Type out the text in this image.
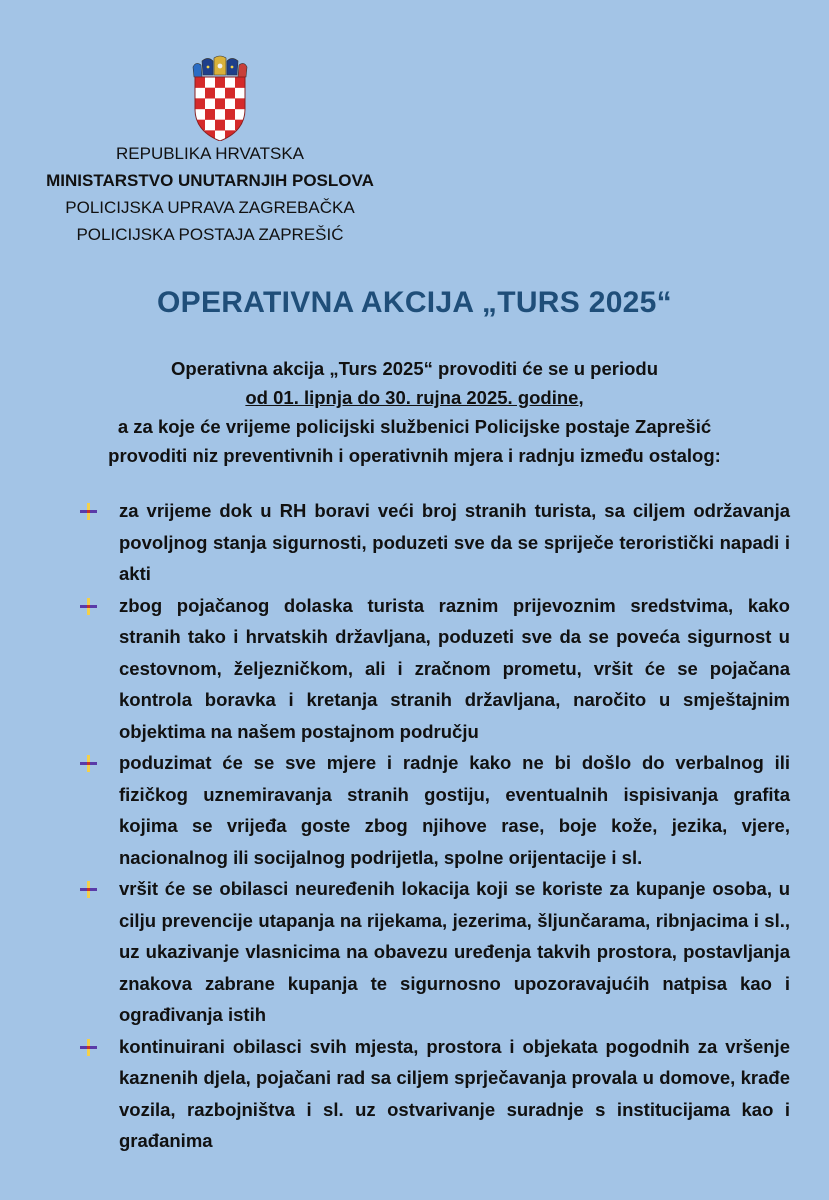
REPUBLIKA HRVATSKA
MINISTARSTVO UNUTARNJIH POSLOVA
POLICIJSKA UPRAVA ZAGREBAČKA
POLICIJSKA POSTAJA ZAPREŠIĆ
OPERATIVNA AKCIJA „TURS 2025“
Operativna akcija „Turs 2025“ provoditi će se u periodu
od 01. lipnja do 30. rujna 2025. godine,
a za koje će vrijeme policijski službenici Policijske postaje Zaprešić
provoditi niz preventivnih i operativnih mjera i radnju između ostalog:
za vrijeme dok u RH boravi veći broj stranih turista, sa ciljem održavanja povoljnog stanja sigurnosti, poduzeti sve da se spriječe teroristički napadi i akti
zbog pojačanog dolaska turista raznim prijevoznim sredstvima, kako stranih tako i hrvatskih državljana, poduzeti sve da se poveća sigurnost u cestovnom, željezničkom, ali i zračnom prometu, vršit će se pojačana kontrola boravka i kretanja stranih državljana, naročito u smještajnim objektima na našem postajnom području
poduzimat će se sve mjere i radnje kako ne bi došlo do verbalnog ili fizičkog uznemiravanja stranih gostiju, eventualnih ispisivanja grafita kojima se vrijeđa goste zbog njihove rase, boje kože, jezika, vjere, nacionalnog ili socijalnog podrijetla, spolne orijentacije i sl.
vršit će se obilasci neuređenih lokacija koji se koriste za kupanje osoba, u cilju prevencije utapanja na rijekama, jezerima, šljunčarama, ribnjacima i sl., uz ukazivanje vlasnicima na obavezu uređenja takvih prostora, postavljanja znakova zabrane kupanja te sigurnosno upozoravajućih natpisa kao i ograđivanja istih
kontinuirani obilasci svih mjesta, prostora i objekata pogodnih za vršenje kaznenih djela, pojačani rad sa ciljem sprječavanja provala u domove, krađe vozila, razbojništva i sl. uz ostvarivanje suradnje s institucijama kao i građanima
